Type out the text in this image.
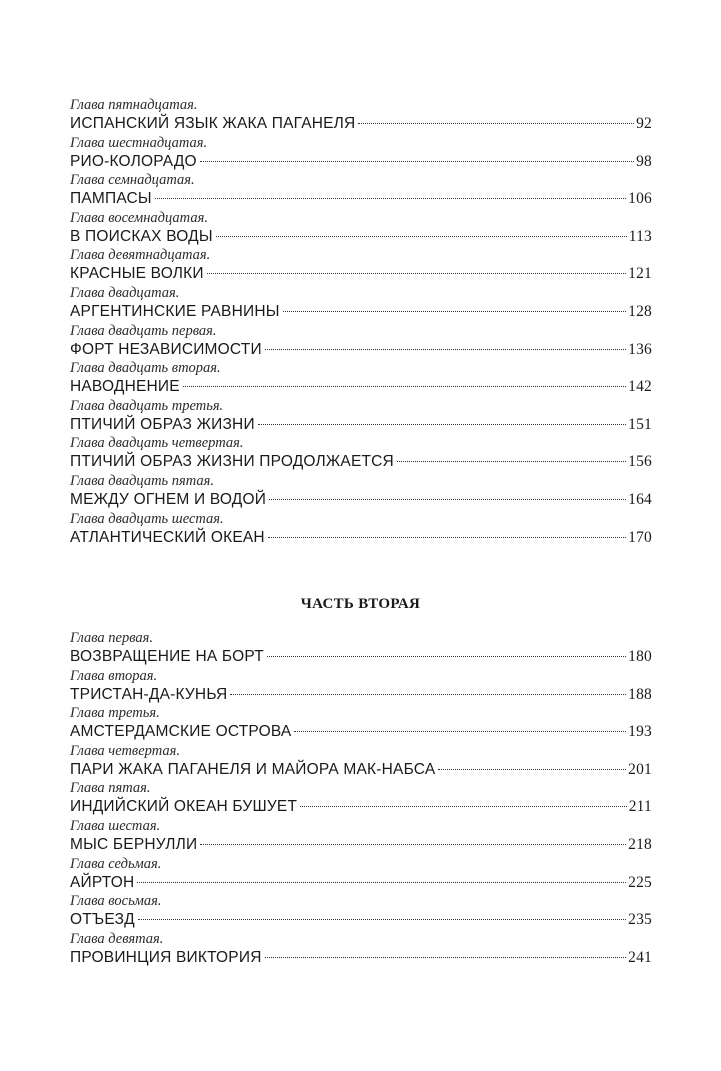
Глава пятнадцатая.
ИСПАНСКИЙ ЯЗЫК ЖАКА ПАГАНЕЛЯ	92
Глава шестнадцатая.
РИО-КОЛОРАДО	98
Глава семнадцатая.
ПАМПАСЫ	106
Глава восемнадцатая.
В ПОИСКАХ ВОДЫ	113
Глава девятнадцатая.
КРАСНЫЕ ВОЛКИ	121
Глава двадцатая.
АРГЕНТИНСКИЕ РАВНИНЫ	128
Глава двадцать первая.
ФОРТ НЕЗАВИСИМОСТИ	136
Глава двадцать вторая.
НАВОДНЕНИЕ	142
Глава двадцать третья.
ПТИЧИЙ ОБРАЗ ЖИЗНИ	151
Глава двадцать четвертая.
ПТИЧИЙ ОБРАЗ ЖИЗНИ ПРОДОЛЖАЕТСЯ	156
Глава двадцать пятая.
МЕЖДУ ОГНЕМ И ВОДОЙ	164
Глава двадцать шестая.
АТЛАНТИЧЕСКИЙ ОКЕАН	170
ЧАСТЬ ВТОРАЯ
Глава первая.
ВОЗВРАЩЕНИЕ НА БОРТ	180
Глава вторая.
ТРИСТАН-ДА-КУНЬЯ	188
Глава третья.
АМСТЕРДАМСКИЕ ОСТРОВА	193
Глава четвертая.
ПАРИ ЖАКА ПАГАНЕЛЯ И МАЙОРА МАК-НАБСА	201
Глава пятая.
ИНДИЙСКИЙ ОКЕАН БУШУЕТ	211
Глава шестая.
МЫС БЕРНУЛЛИ	218
Глава седьмая.
АЙРТОН	225
Глава восьмая.
ОТЪЕЗД	235
Глава девятая.
ПРОВИНЦИЯ ВИКТОРИЯ	241
